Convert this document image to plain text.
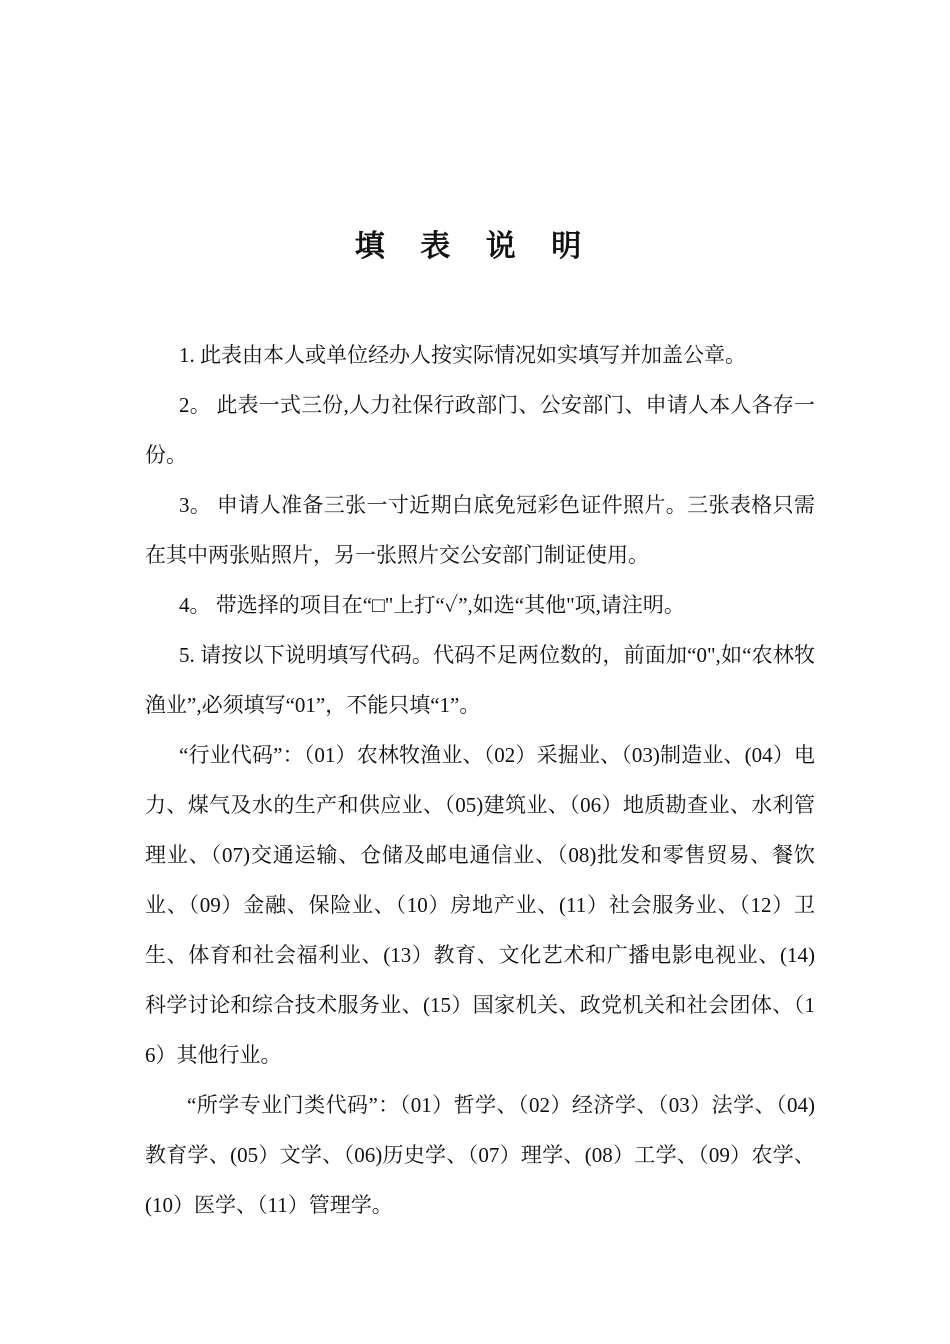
填 表 说 明

1. 此表由本人或单位经办人按实际情况如实填写并加盖公章。

2。 此表一式三份,人力社保行政部门、公安部门、申请人本人各存一份。

3。 申请人准备三张一寸近期白底免冠彩色证件照片。三张表格只需在其中两张贴照片，另一张照片交公安部门制证使用。

4。 带选择的项目在“□"上打“✓”,如选“其他"项,请注明。

5. 请按以下说明填写代码。代码不足两位数的，前面加“0",如“农林牧渔业”,必须填写“01”，不能只填“1”。

“行业代码”：（01）农林牧渔业、（02）采掘业、（03)制造业、(04）电力、煤气及水的生产和供应业、（05)建筑业、（06）地质勘查业、水利管理业、（07)交通运输、仓储及邮电通信业、（08)批发和零售贸易、餐饮业、（09）金融、保险业、（10）房地产业、(11）社会服务业、（12）卫生、体育和社会福利业、(13）教育、文化艺术和广播电影电视业、(14)科学讨论和综合技术服务业、(15）国家机关、政党机关和社会团体、（16）其他行业。

“所学专业门类代码”：（01）哲学、（02）经济学、（03）法学、（04)教育学、(05）文学、（06)历史学、（07）理学、(08）工学、（09）农学、(10）医学、（11）管理学。
